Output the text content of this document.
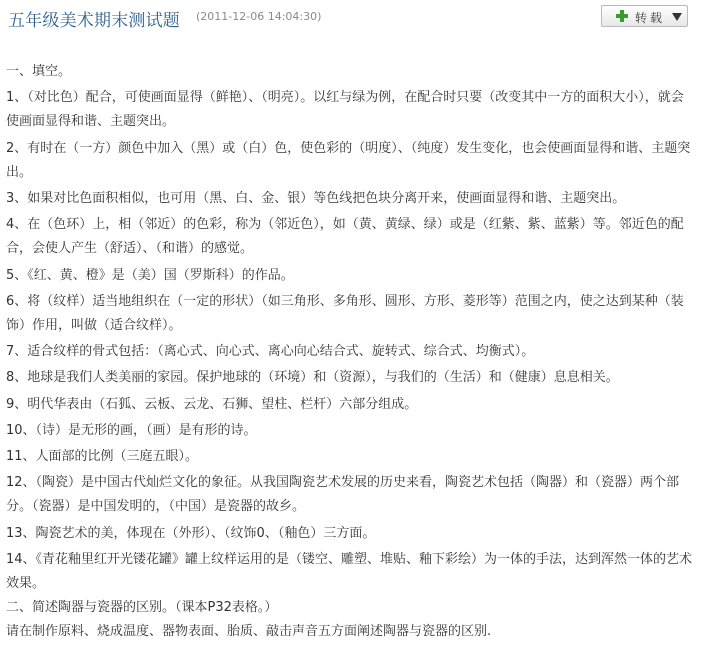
五年级美术期末测试题 (2011-12-06 14:04:30)	转载

一、填空。

1、（对比色）配合，可使画面显得（鲜艳）、（明亮）。以红与绿为例，在配合时只要（改变其中一方的面积大小），就会使画面显得和谐、主题突出。

2、有时在（一方）颜色中加入（黑）或（白）色，使色彩的（明度）、（纯度）发生变化，也会使画面显得和谐、主题突出。

3、如果对比色面积相似，也可用（黑、白、金、银）等色线把色块分离开来，使画面显得和谐、主题突出。

4、在（色环）上，相（邻近）的色彩，称为（邻近色），如（黄、黄绿、绿）或是（红紫、紫、蓝紫）等。邻近色的配合，会使人产生（舒适）、（和谐）的感觉。

5、《红、黄、橙》是（美）国（罗斯科）的作品。

6、将（纹样）适当地组织在（一定的形状）（如三角形、多角形、圆形、方形、菱形等）范围之内，使之达到某种（装饰）作用，叫做（适合纹样）。

7、适合纹样的骨式包括：（离心式、向心式、离心向心结合式、旋转式、综合式、均衡式）。

8、地球是我们人类美丽的家园。保护地球的（环境）和（资源），与我们的（生活）和（健康）息息相关。

9、明代华表由（石狐、云板、云龙、石狮、望柱、栏杆）六部分组成。

10、（诗）是无形的画，（画）是有形的诗。

11、人面部的比例（三庭五眼）。

12、（陶瓷）是中国古代灿烂文化的象征。从我国陶瓷艺术发展的历史来看，陶瓷艺术包括（陶器）和（瓷器）两个部分。（瓷器）是中国发明的，（中国）是瓷器的故乡。

13、陶瓷艺术的美，体现在（外形）、（纹饰0、（釉色）三方面。

14、《青花釉里红开光镂花罐》罐上纹样运用的是（镂空、雕塑、堆贴、釉下彩绘）为一体的手法，达到浑然一体的艺术效果。

二、简述陶器与瓷器的区别。（课本P32表格。）

请在制作原料、烧成温度、器物表面、胎质、敲击声音五方面阐述陶器与瓷器的区别.
